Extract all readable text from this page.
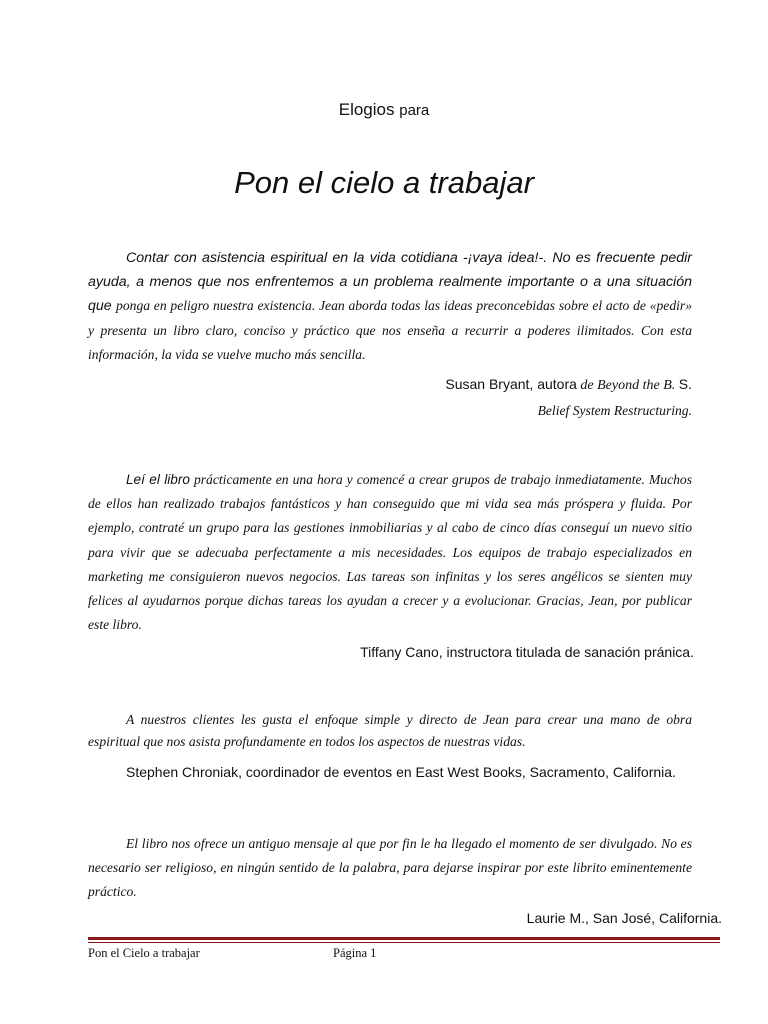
Elogios para
Pon el cielo a trabajar
Contar con asistencia espiritual en la vida cotidiana -¡vaya idea!-. No es frecuente pedir ayuda, a menos que nos enfrentemos a un problema realmente importante o a una situación que ponga en peligro nuestra existencia. Jean aborda todas las ideas preconcebidas sobre el acto de «pedir» y presenta un libro claro, conciso y práctico que nos enseña a recurrir a poderes ilimitados. Con esta información, la vida se vuelve mucho más sencilla.
Susan Bryant, autora de Beyond the B. S.
Belief System Restructuring.
Leí el libro prácticamente en una hora y comencé a crear grupos de trabajo inmediatamente. Muchos de ellos han realizado trabajos fantásticos y han conseguido que mi vida sea más próspera y fluida. Por ejemplo, contraté un grupo para las gestiones inmobiliarias y al cabo de cinco días conseguí un nuevo sitio para vivir que se adecuaba perfectamente a mis necesidades. Los equipos de trabajo especializados en marketing me consiguieron nuevos negocios. Las tareas son infinitas y los seres angélicos se sienten muy felices al ayudarnos porque dichas tareas los ayudan a crecer y a evolucionar. Gracias, Jean, por publicar este libro.
Tiffany Cano, instructora titulada de sanación pránica.
A nuestros clientes les gusta el enfoque simple y directo de Jean para crear una mano de obra espiritual que nos asista profundamente en todos los aspectos de nuestras vidas.
Stephen Chroniak, coordinador de eventos en East West Books, Sacramento, California.
El libro nos ofrece un antiguo mensaje al que por fin le ha llegado el momento de ser divulgado. No es necesario ser religioso, en ningún sentido de la palabra, para dejarse inspirar por este librito eminentemente práctico.
Laurie M., San José, California.
Pon el Cielo a trabajar	Página 1
